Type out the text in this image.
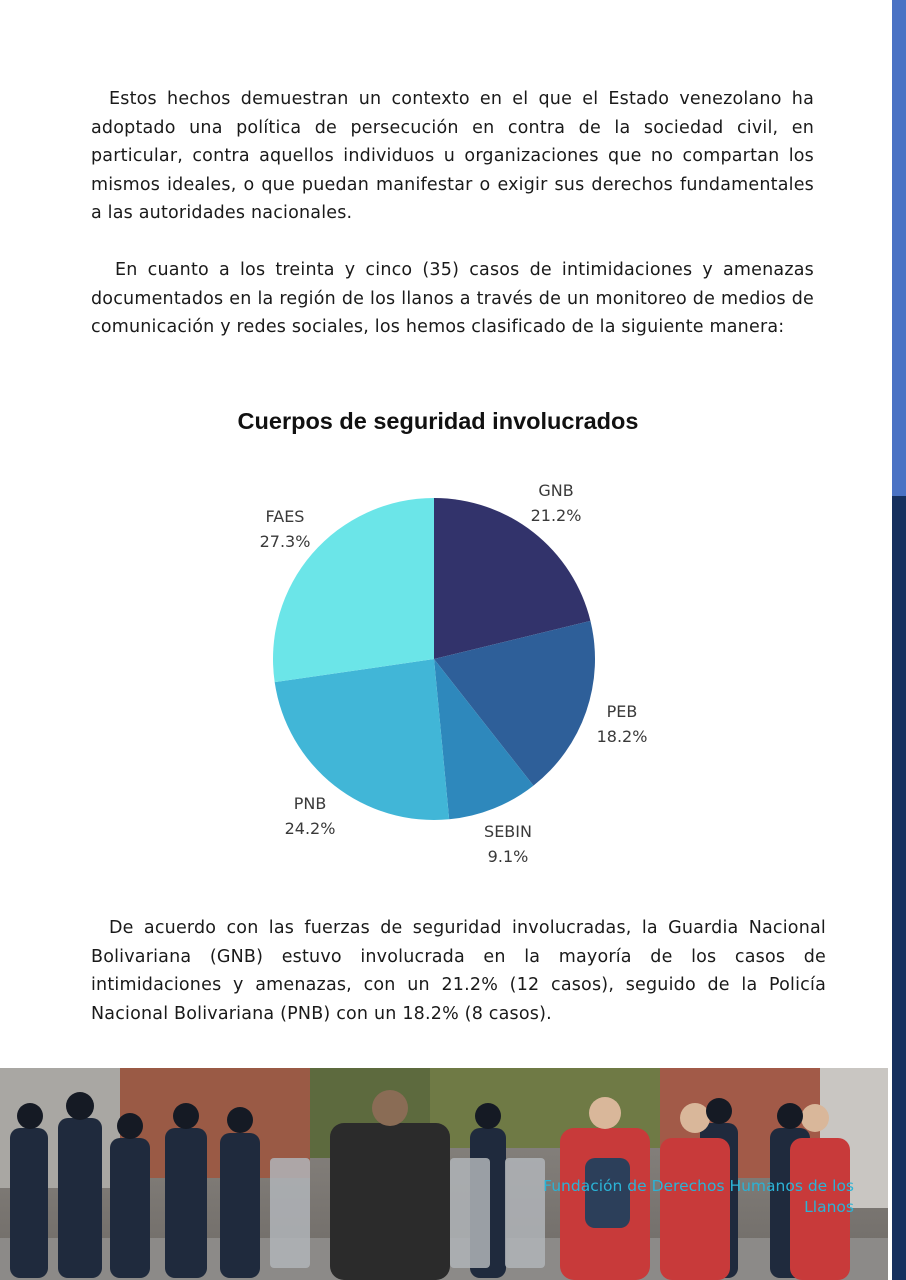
Estos hechos demuestran un contexto en el que el Estado venezolano ha adoptado una política de persecución en contra de la sociedad civil, en particular, contra aquellos individuos u organizaciones que no compartan los mismos ideales, o que puedan manifestar o exigir sus derechos fundamentales a las autoridades nacionales.

En cuanto a los treinta y cinco (35) casos de intimidaciones y amenazas documentados en la región de los llanos a través de un monitoreo de medios de comunicación y redes sociales, los hemos clasificado de la siguiente manera:

Cuerpos de seguridad involucrados
GNB
21.2%
PEB
18.2%
SEBIN
9.1%
PNB
24.2%
FAES
27.3%

De acuerdo con las fuerzas de seguridad involucradas, la Guardia Nacional Bolivariana (GNB) estuvo involucrada en la mayoría de los casos de intimidaciones y amenazas, con un 21.2% (12 casos), seguido de la Policía Nacional Bolivariana (PNB) con un 18.2% (8 casos).

Fundación de Derechos Humanos de los Llanos
